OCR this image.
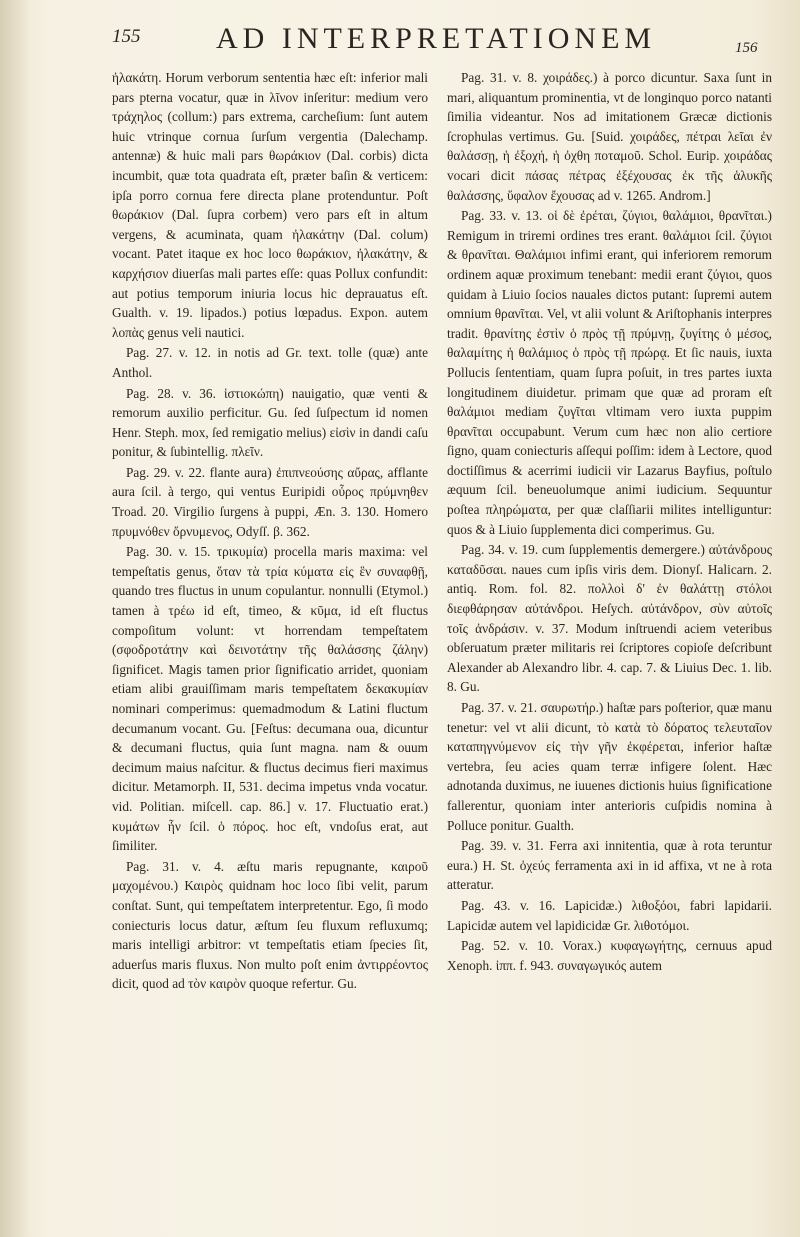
155	AD INTERPRETATIONEM	156

ἠλακάτη. Horum verborum sententia hæc eſt: inferior mali pars pterna vocatur, quæ in λῖνον inſeritur: medium vero τράχηλος (collum:) pars extrema, carcheſium: ſunt autem huic vtrinque cornua ſurſum vergentia (Dalechamp. antennæ) & huic mali pars θωράκιον (Dal. corbis) dicta incumbit, quæ tota quadrata eſt, præter baſin & verticem: ipſa porro cornua fere directa plane protenduntur. Poſt θωράκιον (Dal. ſupra corbem) vero pars eſt in altum vergens, & acuminata, quam ἠλακάτην (Dal. colum) vocant. Patet itaque ex hoc loco θωράκιον, ἠλακάτην, & καρχήσιον diuerſas mali partes eſſe: quas Pollux confundit: aut potius temporum iniuria locus hic deprauatus eſt. Gualth. v. 19. lipados.) potius lœpadus. Expon. autem λοπὰς genus veli nautici.

Pag. 27. v. 12. in notis ad Gr. text. tolle (quæ) ante Anthol.

Pag. 28. v. 36. ἱστιοκώπη) nauigatio, quæ venti & remorum auxilio perficitur. Gu. ſed ſuſpectum id nomen Henr. Steph. mox, ſed remigatio melius) εἰσὶν in dandi caſu ponitur, & ſubintellig. πλεῖν.

Pag. 29. v. 22. flante aura) ἐπιπνεούσης αὔρας, afflante aura ſcil. à tergo, qui ventus Euripidi οὖρος πρύμνηθεν Troad. 20. Virgilio ſurgens à puppi, Æn. 3. 130. Homero πρυμνόθεν ὄρνυμενος, Odyſſ. β. 362.

Pag. 30. v. 15. τρικυμία) procella maris maxima: vel tempeſtatis genus, ὅταν τὰ τρία κύματα εἰς ἓν συναφθῇ, quando tres fluctus in unum copulantur. nonnulli (Etymol.) tamen à τρέω id eſt, timeo, & κῦμα, id eſt fluctus compoſitum volunt: vt horrendam tempeſtatem (σφοδροτάτην καὶ δεινοτάτην τῆς θαλάσσης ζάλην) ſignificet. Magis tamen prior ſignificatio arridet, quoniam etiam alibi grauiſſimam maris tempeſtatem δεκακυμίαν nominari comperimus: quemadmodum & Latini fluctum decumanum vocant. Gu. [Feſtus: decumana oua, dicuntur & decumani fluctus, quia ſunt magna. nam & ouum decimum maius naſcitur. & fluctus decimus fieri maximus dicitur. Metamorph. II, 531. decima impetus vnda vocatur. vid. Politian. miſcell. cap. 86.] v. 17. Fluctuatio erat.) κυμάτων ἦν ſcil. ὁ πόρος. hoc eſt, vndoſus erat, aut ſimiliter.

Pag. 31. v. 4. æſtu maris repugnante, καιροῦ μαχομένου.) Καιρὸς quidnam hoc loco ſibi velit, parum conſtat. Sunt, qui tempeſtatem interpretentur. Ego, ſi modo coniecturis locus datur, æſtum ſeu fluxum refluxumq; maris intelligi arbitror: vt tempeſtatis etiam ſpecies ſit, aduerſus maris fluxus. Non multo poſt enim ἀντιρρέοντος dicit, quod ad τὸν καιρὸν quoque refertur. Gu.

Pag. 31. v. 8. χοιράδες.) à porco dicuntur. Saxa ſunt in mari, aliquantum prominentia, vt de longinquo porco natanti ſimilia videantur. Nos ad imitationem Græcæ dictionis ſcrophulas vertimus. Gu. [Suid. χοιράδες, πέτραι λεῖαι ἐν θαλάσσῃ, ἡ ἐξοχή, ἡ ὀχθη ποταμοῦ. Schol. Eurip. χοιράδας vocari dicit πάσας πέτρας ἐξέχουσας ἐκ τῆς ἁλυκῆς θαλάσσης, ὕφαλον ἔχουσας ad v. 1265. Androm.]

Pag. 33. v. 13. οἱ δὲ ἐρέται, ζύγιοι, θαλάμιοι, θρανῖται.) Remigum in triremi ordines tres erant. θαλάμιοι ſcil. ζύγιοι & θρανῖται. Θαλάμιοι infimi erant, qui inferiorem remorum ordinem aquæ proximum tenebant: medii erant ζύγιοι, quos quidam à Liuio ſocios nauales dictos putant: ſupremi autem omnium θρανῖται. Vel, vt alii volunt & Ariſtophanis interpres tradit. θρανίτης ἐστὶν ὁ πρὸς τῇ πρύμνῃ, ζυγίτης ὁ μέσος, θαλαμίτης ἡ θαλάμιος ὁ πρὸς τῇ πρώρᾳ. Et ſic nauis, iuxta Pollucis ſententiam, quam ſupra poſuit, in tres partes iuxta longitudinem diuidetur. primam que quæ ad proram eſt θαλάμιοι mediam ζυγῖται vltimam vero iuxta puppim θρανῖται occupabunt. Verum cum hæc non alio certiore ſigno, quam coniecturis aſſequi poſſim: idem à Lectore, quod doctiſſimus & acerrimi iudicii vir Lazarus Bayfius, poſtulo æquum ſcil. beneuolumque animi iudicium. Sequuntur poſtea πληρώματα, per quæ claſſiarii milites intelliguntur: quos & à Liuio ſupplementa dici comperimus. Gu.

Pag. 34. v. 19. cum ſupplementis demergere.) αὐτάνδρους καταδῦσαι. naues cum ipſis viris dem. Dionyſ. Halicarn. 2. antiq. Rom. fol. 82. πολλοὶ δ' ἐν θαλάττῃ στόλοι διεφθάρησαν αὐτάνδροι. Heſych. αὐτάνδρον, σὺν αὐτοῖς τοῖς ἀνδράσιν. v. 37. Modum inſtruendi aciem veteribus obſeruatum præter militaris rei ſcriptores copioſe deſcribunt Alexander ab Alexandro libr. 4. cap. 7. & Liuius Dec. 1. lib. 8. Gu.

Pag. 37. v. 21. σαυρωτήρ.) haſtæ pars poſterior, quæ manu tenetur: vel vt alii dicunt, τὸ κατὰ τὸ δόρατος τελευταῖον καταπηγνύμενον εἰς τὴν γῆν ἐκφέρεται, inferior haſtæ vertebra, ſeu acies quam terræ infigere ſolent. Hæc adnotanda duximus, ne iuuenes dictionis huius ſignificatione fallerentur, quoniam inter anterioris cuſpidis nomina à Polluce ponitur. Gualth.

Pag. 39. v. 31. Ferra axi innitentia, quæ à rota teruntur eura.) H. St. ὀχεύς ferramenta axi in id affixa, vt ne à rota atteratur.

Pag. 43. v. 16. Lapicidæ.) λιθοξόοι, fabri lapidarii. Lapicidæ autem vel lapidicidæ Gr. λιθοτόμοι.

Pag. 52. v. 10. Vorax.) κυφαγωγήτης, cernuus apud Xenoph. ἱππ. f. 943. συναγωγικός autem
